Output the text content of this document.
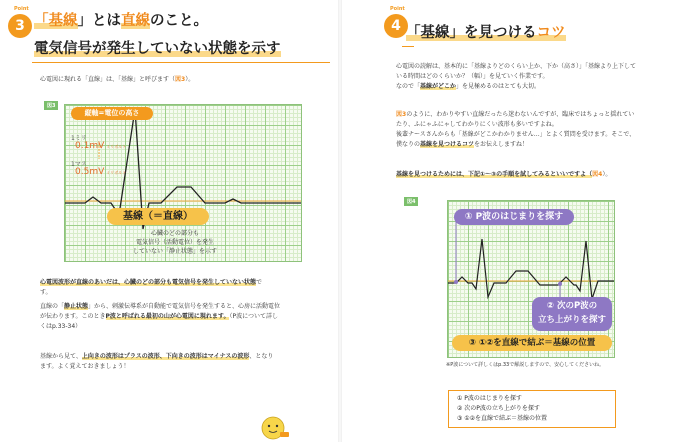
Point
3 「基線」とは直線のこと。
電気信号が発生していない状態を示す
心電図に現れる「直線」は、「基線」と呼びます（図3）。
図3
縦軸=電位の高さ
1ミリ
0.1mV ミリボルト
1マス
0.5mV ミリボルト
基線（＝直線）
心臓のどの部分も
電気信号（活動電位）を発生
していない「静止状態」を示す
心電図波形が直線のあいだは、心臓のどの部分も電気信号を発生していない状態で
す。
直線の「静止状態」から、刺激伝導系が自動能で電気信号を発生すると、心房に活動電位
が伝わります。このときP波と呼ばれる最初の山が心電図に現れます。（P波について詳し
くはp.33-34）
基線から見て、上向きの波形はプラスの波形、下向きの波形はマイナスの波形、となり
ます。よく覚えておきましょう！
Point
4 「基線」を見つけるコツ
心電図の読解は、基本的に「基線よりどのくらい上か、下か（高さ）」「基線より上下して
いる時間はどのくらいか？（幅）」を見ていく作業です。
なので「基線がどこか」を見極めるのはとても大切。
図3のように、わかりやすい直線だったら迷わないんですが、臨床ではちょっと揺れてい
たり、ふにゃふにゃしてわかりにくい波形も多いですよね。
後輩ナースさんからも「基線がどこかわかりません…」とよく質問を受けます。そこで、
僕なりの基線を見つけるコツをお伝えしますね！
基線を見つけるためには、下記①〜③の手順を試してみるといいですよ（図4）。
図4
① P波のはじまりを探す
② 次のP波の
立ち上がりを探す
③ ①②を直線で結ぶ＝基線の位置
※P波について詳しくはp.33で解説しますので、安心してくださいね。
① P波のはじまりを探す
② 次のP波の立ち上がりを探す
③ ①②を直線で結ぶ＝基線の位置
